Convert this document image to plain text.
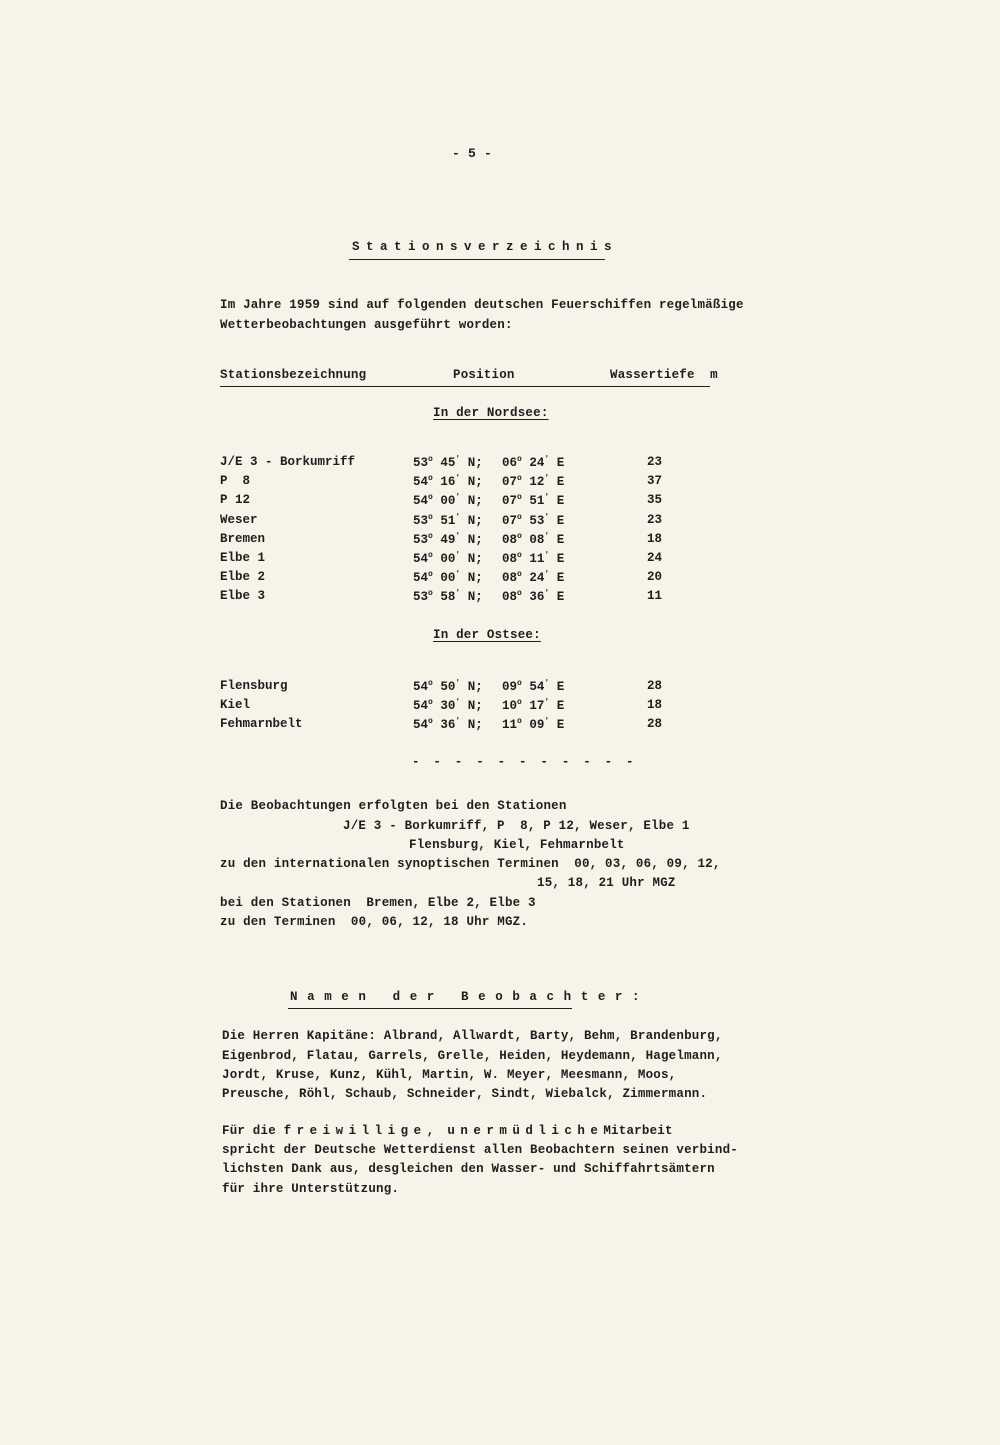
- 5 -
Stationsverzeichnis
Im Jahre 1959 sind auf folgenden deutschen Feuerschiffen regelmäßige
Wetterbeobachtungen ausgeführt worden:
Stationsbezeichnung	Position	Wassertiefe  m
In der Nordsee:
J/E 3 - Borkumriff	53$^o$ 45' N; 06$^o$ 24' E	23
P  8	54$^o$ 16' N; 07$^o$ 12' E	37
P 12	54$^o$ 00' N; 07$^o$ 51' E	35
Weser	53$^o$ 51' N; 07$^o$ 53' E	23
Bremen	53$^o$ 49' N; 08$^o$ 08' E	18
Elbe 1	54$^o$ 00' N; 08$^o$ 11' E	24
Elbe 2	54$^o$ 00' N; 08$^o$ 24' E	20
Elbe 3	53$^o$ 58' N; 08$^o$ 36' E	11
In der Ostsee:
Flensburg	54$^o$ 50' N; 09$^o$ 54' E	28
Kiel	54$^o$ 30' N; 10$^o$ 17' E	18
Fehmarnbelt	54$^o$ 36' N; 11$^o$ 09' E	28
- - - - - - - - - - -
Die Beobachtungen erfolgten bei den Stationen
J/E 3 - Borkumriff, P  8, P 12, Weser, Elbe 1
Flensburg, Kiel, Fehmarnbelt
zu den internationalen synoptischen Terminen  00, 03, 06, 09, 12,
15, 18, 21 Uhr MGZ
bei den Stationen  Bremen, Elbe 2, Elbe 3
zu den Terminen  00, 06, 12, 18 Uhr MGZ.
Namen der Beobachter:
Die Herren Kapitäne: Albrand, Allwardt, Barty, Behm, Brandenburg,
Eigenbrod, Flatau, Garrels, Grelle, Heiden, Heydemann, Hagelmann,
Jordt, Kruse, Kunz, Kühl, Martin, W. Meyer, Meesmann, Moos,
Preusche, Röhl, Schaub, Schneider, Sindt, Wiebalck, Zimmermann.
Für die freiwillige, unermüdlicheMitarbeit
spricht der Deutsche Wetterdienst allen Beobachtern seinen verbind-
lichsten Dank aus, desgleichen den Wasser- und Schiffahrtsämtern
für ihre Unterstützung.
